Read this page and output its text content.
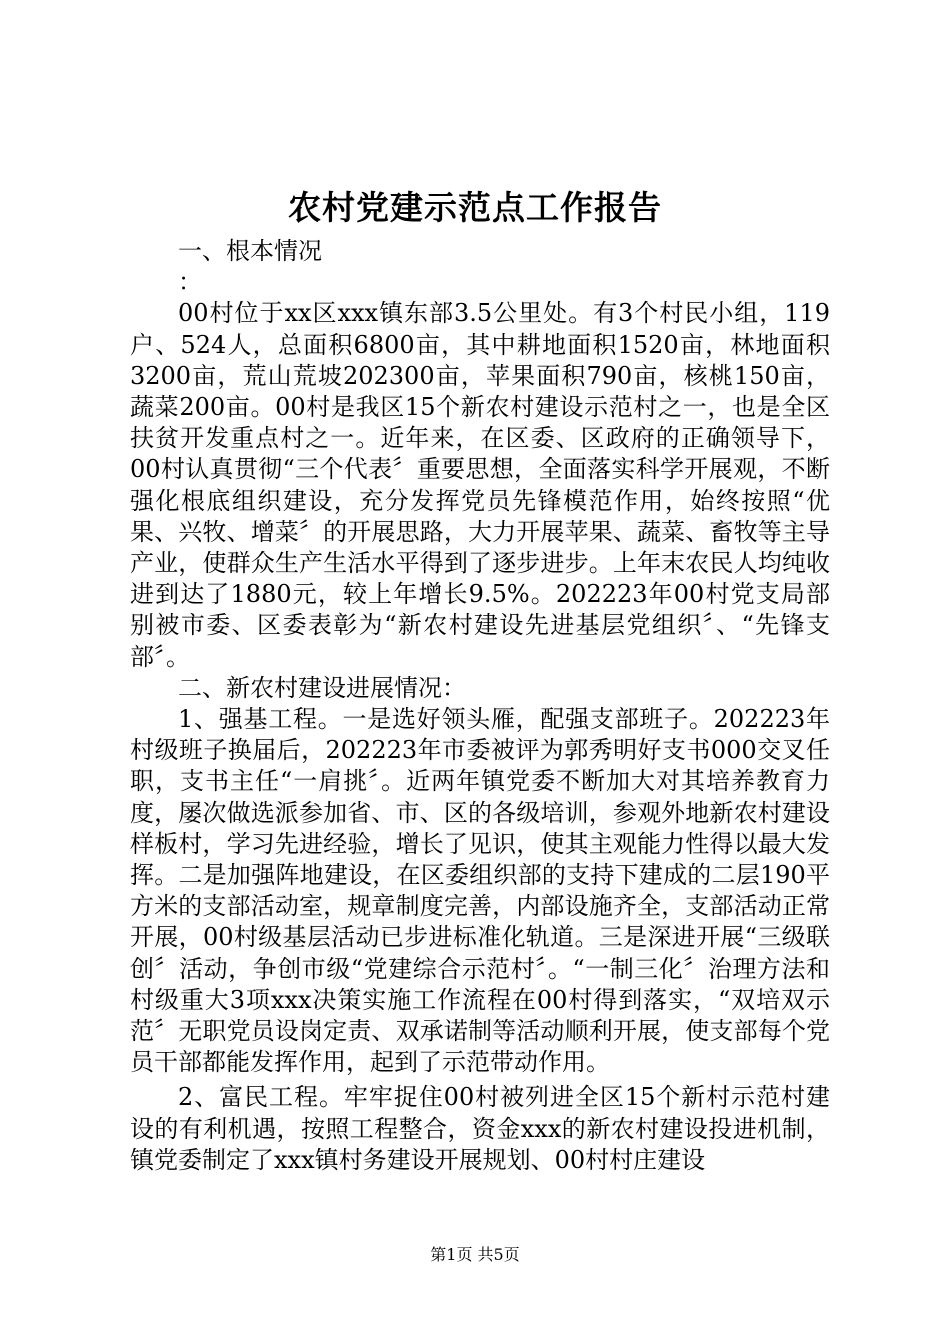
农村党建示范点工作报告

一、根本情况

：

00村位于xx区xxx镇东部3.5公里处。有3个村民小组，119户、524人，总面积6800亩，其中耕地面积1520亩，林地面积3200亩，荒山荒坡202300亩，苹果面积790亩，核桃150亩，蔬菜200亩。00村是我区15个新农村建设示范村之一，也是全区扶贫开发重点村之一。近年来，在区委、区政府的正确领导下，00村认真贯彻“三个代表〞重要思想，全面落实科学开展观，不断强化根底组织建设，充分发挥党员先锋模范作用，始终按照“优果、兴牧、增菜〞的开展思路，大力开展苹果、蔬菜、畜牧等主导产业，使群众生产生活水平得到了逐步进步。上年末农民人均纯收进到达了1880元，较上年增长9.5%。202223年00村党支局部别被市委、区委表彰为“新农村建设先进基层党组织〞、“先锋支部〞。

二、新农村建设进展情况：

1、强基工程。一是选好领头雁，配强支部班子。202223年村级班子换届后，202223年市委被评为郭秀明好支书000交叉任职，支书主任“一肩挑〞。近两年镇党委不断加大对其培养教育力度，屡次做选派参加省、市、区的各级培训，参观外地新农村建设样板村，学习先进经验，增长了见识，使其主观能力性得以最大发挥。二是加强阵地建设，在区委组织部的支持下建成的二层190平方米的支部活动室，规章制度完善，内部设施齐全，支部活动正常开展，00村级基层活动已步进标准化轨道。三是深进开展“三级联创〞活动，争创市级“党建综合示范村〞。“一制三化〞治理方法和村级重大3项xxx决策实施工作流程在00村得到落实，“双培双示范〞无职党员设岗定责、双承诺制等活动顺利开展，使支部每个党员干部都能发挥作用，起到了示范带动作用。

2、富民工程。牢牢捉住00村被列进全区15个新村示范村建设的有利机遇，按照工程整合，资金xxx的新农村建设投进机制，镇党委制定了xxx镇村务建设开展规划、00村村庄建设

第1页 共5页
